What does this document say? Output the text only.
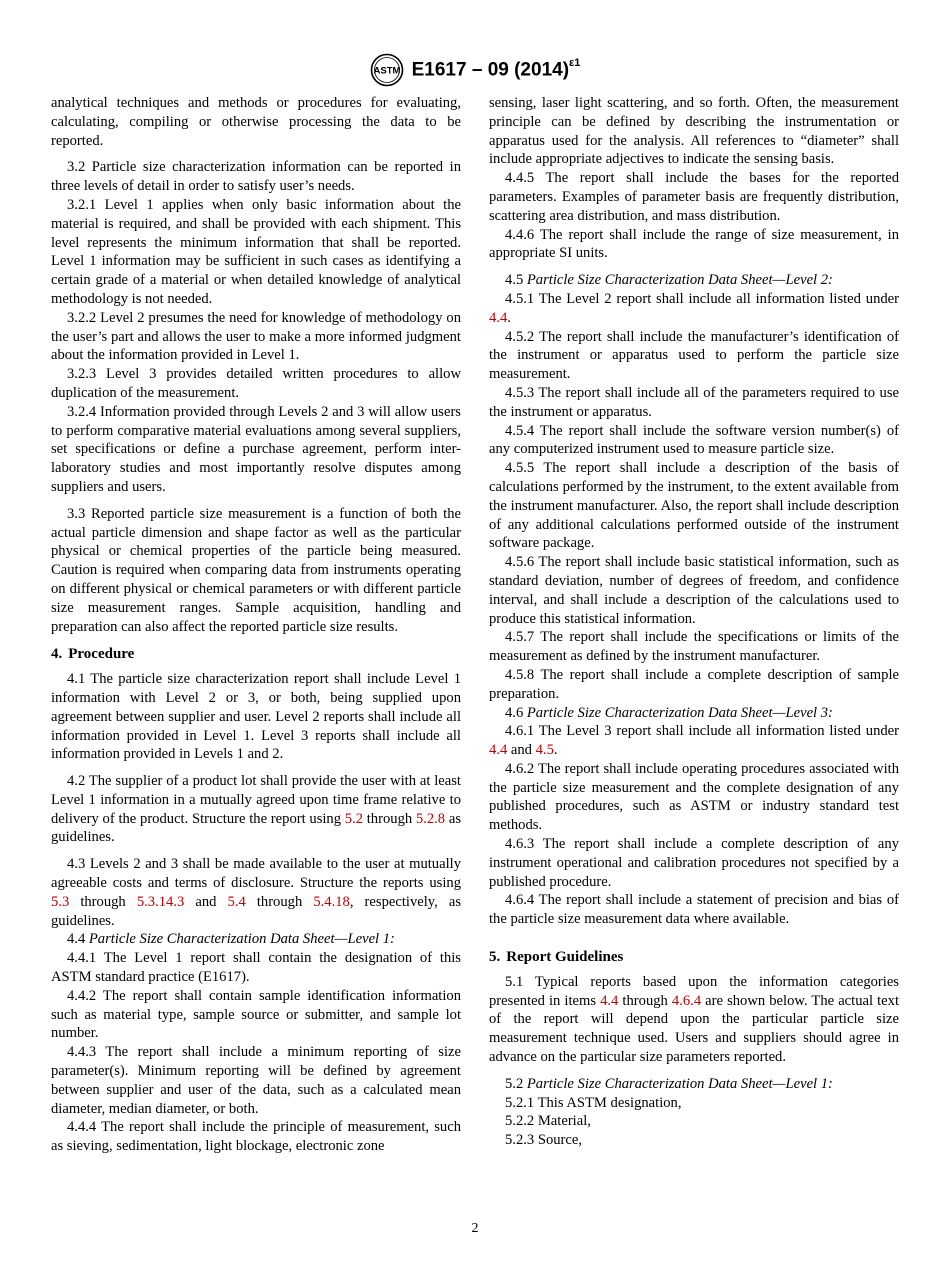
ASTM E1617 – 09 $(2014)^{\varepsilon 1}$

analytical techniques and methods or procedures for evaluating, calculating, compiling or otherwise processing the data to be reported.

3.2 Particle size characterization information can be reported in three levels of detail in order to satisfy user’s needs.

3.2.1 Level 1 applies when only basic information about the material is required, and shall be provided with each shipment. This level represents the minimum information that shall be reported. Level 1 information may be sufficient in such cases as identifying a certain grade of a material or when detailed knowledge of analytical methodology is not needed.

3.2.2 Level 2 presumes the need for knowledge of methodology on the user’s part and allows the user to make a more informed judgment about the information provided in Level 1.

3.2.3 Level 3 provides detailed written procedures to allow duplication of the measurement.

3.2.4 Information provided through Levels 2 and 3 will allow users to perform comparative material evaluations among several suppliers, set specifications or define a purchase agreement, perform inter-laboratory studies and most importantly resolve disputes among suppliers and users.

3.3 Reported particle size measurement is a function of both the actual particle dimension and shape factor as well as the particular physical or chemical properties of the particle being measured. Caution is required when comparing data from instruments operating on different physical or chemical parameters or with different particle size measurement ranges. Sample acquisition, handling and preparation can also affect the reported particle size results.

4. Procedure

4.1 The particle size characterization report shall include Level 1 information with Level 2 or 3, or both, being supplied upon agreement between supplier and user. Level 2 reports shall include all information provided in Level 1. Level 3 reports shall include all information provided in Levels 1 and 2.

4.2 The supplier of a product lot shall provide the user with at least Level 1 information in a mutually agreed upon time frame relative to delivery of the product. Structure the report using 5.2 through 5.2.8 as guidelines.

4.3 Levels 2 and 3 shall be made available to the user at mutually agreeable costs and terms of disclosure. Structure the reports using 5.3 through 5.3.14.3 and 5.4 through 5.4.18, respectively, as guidelines.

4.4 Particle Size Characterization Data Sheet—Level 1:

4.4.1 The Level 1 report shall contain the designation of this ASTM standard practice (E1617).

4.4.2 The report shall contain sample identification information such as material type, sample source or submitter, and sample lot number.

4.4.3 The report shall include a minimum reporting of size parameter(s). Minimum reporting will be defined by agreement between supplier and user of the data, such as a calculated mean diameter, median diameter, or both.

4.4.4 The report shall include the principle of measurement, such as sieving, sedimentation, light blockage, electronic zone

sensing, laser light scattering, and so forth. Often, the measurement principle can be defined by describing the instrumentation or apparatus used for the analysis. All references to “diameter” shall include appropriate adjectives to indicate the sensing basis.

4.4.5 The report shall include the bases for the reported parameters. Examples of parameter basis are frequently distribution, scattering area distribution, and mass distribution.

4.4.6 The report shall include the range of size measurement, in appropriate SI units.

4.5 Particle Size Characterization Data Sheet—Level 2:

4.5.1 The Level 2 report shall include all information listed under 4.4.

4.5.2 The report shall include the manufacturer’s identification of the instrument or apparatus used to perform the particle size measurement.

4.5.3 The report shall include all of the parameters required to use the instrument or apparatus.

4.5.4 The report shall include the software version number(s) of any computerized instrument used to measure particle size.

4.5.5 The report shall include a description of the basis of calculations performed by the instrument, to the extent available from the instrument manufacturer. Also, the report shall include description of any additional calculations performed outside of the instrument software package.

4.5.6 The report shall include basic statistical information, such as standard deviation, number of degrees of freedom, and confidence interval, and shall include a description of the calculations used to produce this statistical information.

4.5.7 The report shall include the specifications or limits of the measurement as defined by the instrument manufacturer.

4.5.8 The report shall include a complete description of sample preparation.

4.6 Particle Size Characterization Data Sheet—Level 3:

4.6.1 The Level 3 report shall include all information listed under 4.4 and 4.5.

4.6.2 The report shall include operating procedures associated with the particle size measurement and the complete designation of any published procedures, such as ASTM or industry standard test methods.

4.6.3 The report shall include a complete description of any instrument operational and calibration procedures not specified by a published procedure.

4.6.4 The report shall include a statement of precision and bias of the particle size measurement data where available.

5. Report Guidelines

5.1 Typical reports based upon the information categories presented in items 4.4 through 4.6.4 are shown below. The actual text of the report will depend upon the particular particle size measurement technique used. Users and suppliers should agree in advance on the particular size parameters reported.

5.2 Particle Size Characterization Data Sheet—Level 1:

5.2.1 This ASTM designation,

5.2.2 Material,

5.2.3 Source,

2
